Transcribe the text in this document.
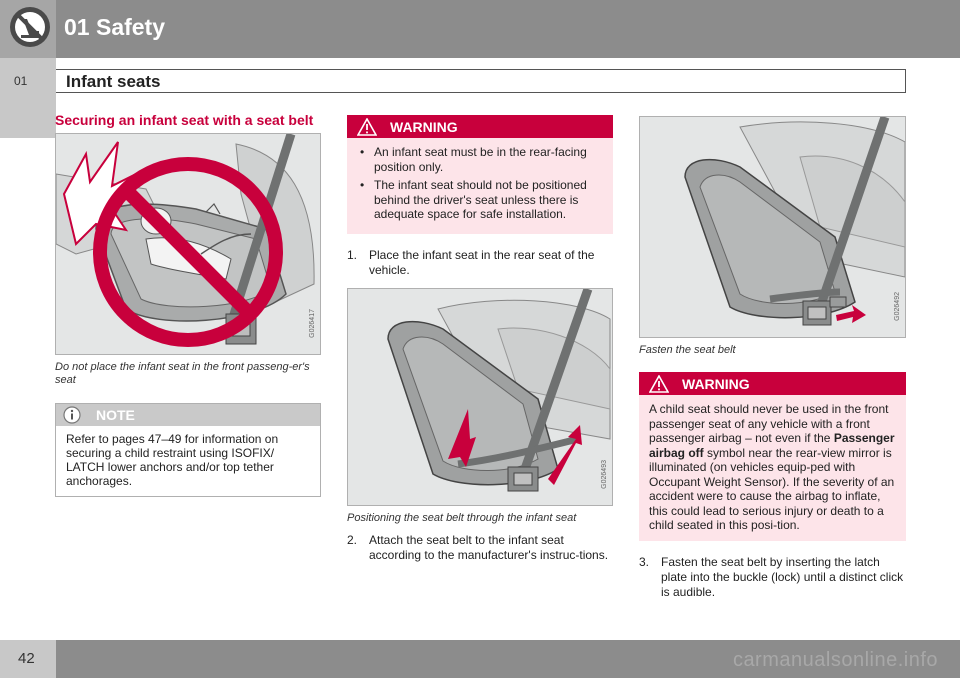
01 Safety
01 Infant seats
Securing an infant seat with a seat belt
G026417
Do not place the infant seat in the front passeng-er's seat
NOTE
Refer to pages 47–49 for information on securing a child restraint using ISOFIX/ LATCH lower anchors and/or top tether anchorages.
WARNING
• An infant seat must be in the rear-facing position only.
• The infant seat should not be positioned behind the driver's seat unless there is adequate space for safe installation.
1. Place the infant seat in the rear seat of the vehicle.
G026493
Positioning the seat belt through the infant seat
2. Attach the seat belt to the infant seat according to the manufacturer's instruc-tions.
G026492
Fasten the seat belt
WARNING
A child seat should never be used in the front passenger seat of any vehicle with a front passenger airbag – not even if the Passenger airbag off symbol near the rear-view mirror is illuminated (on vehicles equip-ped with Occupant Weight Sensor). If the severity of an accident were to cause the airbag to inflate, this could lead to serious injury or death to a child seated in this posi-tion.
3. Fasten the seat belt by inserting the latch plate into the buckle (lock) until a distinct click is audible.
42	carmanualsonline.info
